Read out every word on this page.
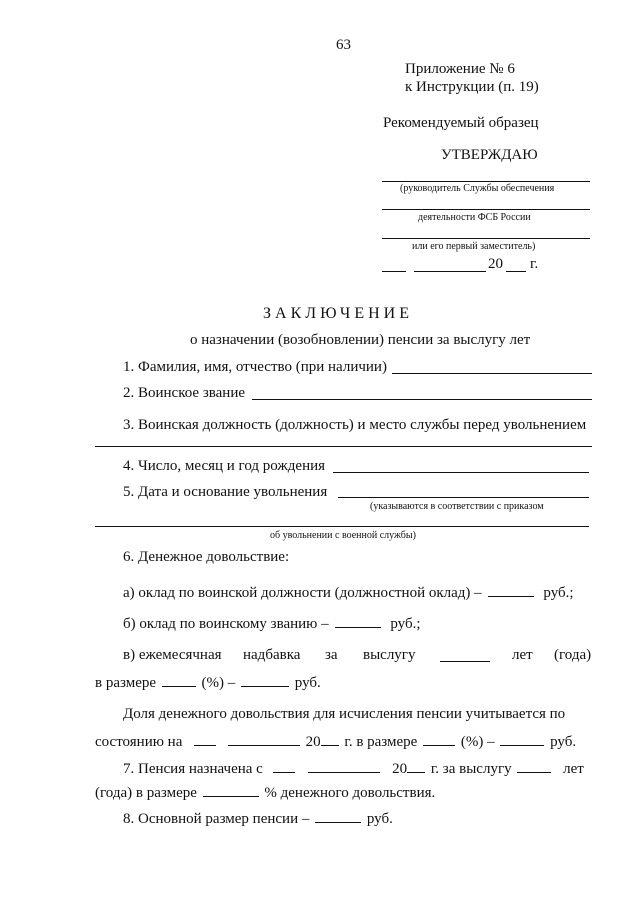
63
Приложение № 6
к Инструкции (п. 19)
Рекомендуемый образец
УТВЕРЖДАЮ
(руководитель Службы обеспечения
деятельности ФСБ России
или его первый заместитель)
20 г.
ЗАКЛЮЧЕНИЕ
о назначении (возобновлении) пенсии за выслугу лет
1. Фамилия, имя, отчество (при наличии)
2. Воинское звание
3. Воинская должность (должность) и место службы перед увольнением
4. Число, месяц и год рождения
5. Дата и основание увольнения
(указываются в соответствии с приказом
об увольнении с военной службы)
6. Денежное довольствие:
а) оклад по воинской должности (должностной оклад) –	руб.;
б) оклад по воинскому званию –	руб.;
в) ежемесячная надбавка за выслугу	лет (года)
в размере	(%) –	руб.
Доля денежного довольствия для исчисления пенсии учитывается по
состоянию на	20 г. в размере	(%) –	руб.
7. Пенсия назначена с	20 г. за выслугу	лет
(года) в размере	% денежного довольствия.
8. Основной размер пенсии –	руб.
